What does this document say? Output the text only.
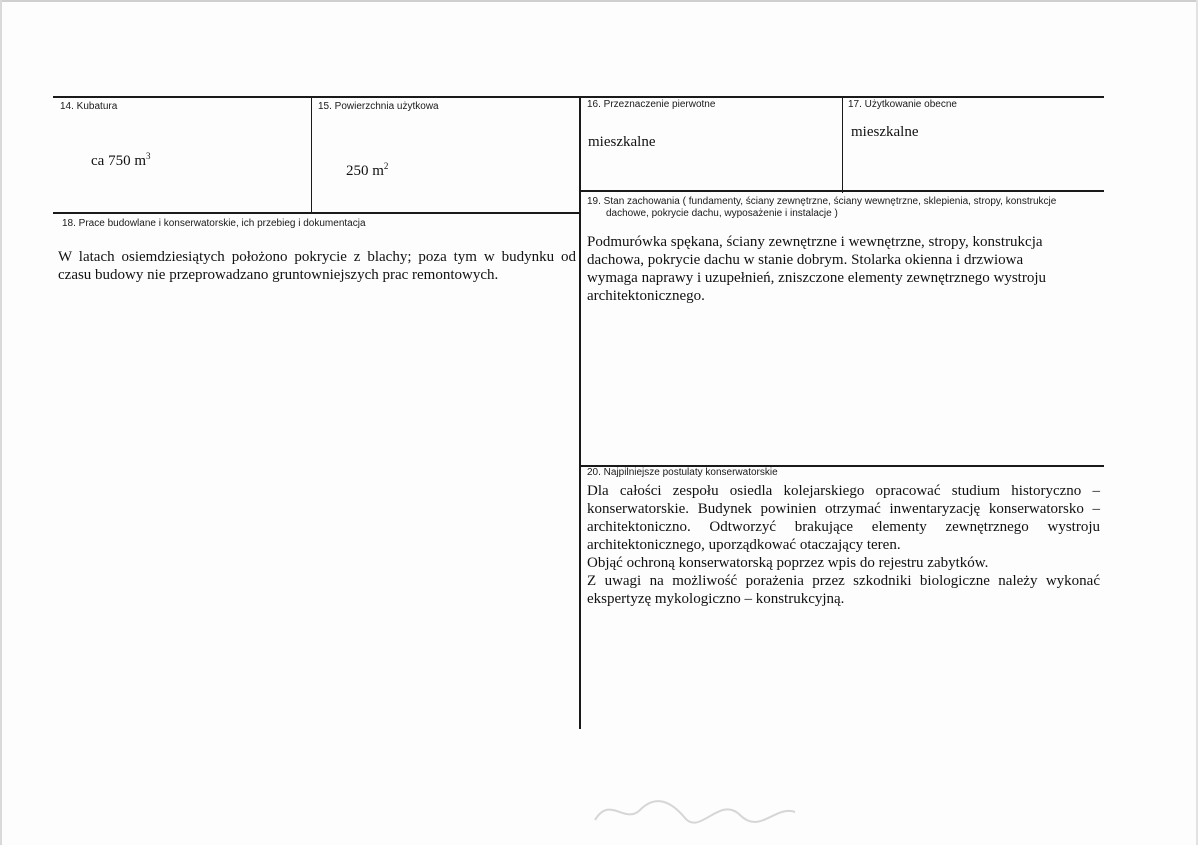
14. Kubatura
ca 750 $m^3$
15. Powierzchnia użytkowa
250 $m^2$
16. Przeznaczenie pierwotne
mieszkalne
17. Użytkowanie obecne
mieszkalne
18. Prace budowlane i konserwatorskie, ich przebieg i dokumentacja
W latach osiemdziesiątych położono pokrycie z blachy; poza tym w budynku od czasu budowy nie przeprowadzano gruntowniejszych prac remontowych.
19. Stan zachowania ( fundamenty, ściany zewnętrzne, ściany wewnętrzne, sklepienia, stropy, konstrukcje
dachowe, pokrycie dachu, wyposażenie i instalacje )
Podmurówka spękana, ściany zewnętrzne i wewnętrzne, stropy, konstrukcja dachowa, pokrycie dachu w stanie dobrym. Stolarka okienna i drzwiowa wymaga naprawy i uzupełnień, zniszczone elementy zewnętrznego wystroju architektonicznego.
20. Najpilniejsze postulaty konserwatorskie

Dla całości zespołu osiedla kolejarskiego opracować studium historyczno – konserwatorskie. Budynek powinien otrzymać inwentaryzację konserwatorsko – architektoniczno. Odtworzyć brakujące elementy zewnętrznego wystroju architektonicznego, uporządkować otaczający teren.

Objąć ochroną konserwatorską poprzez wpis do rejestru zabytków.

Z uwagi na możliwość porażenia przez szkodniki biologiczne należy wykonać ekspertyzę mykologiczno – konstrukcyjną.
